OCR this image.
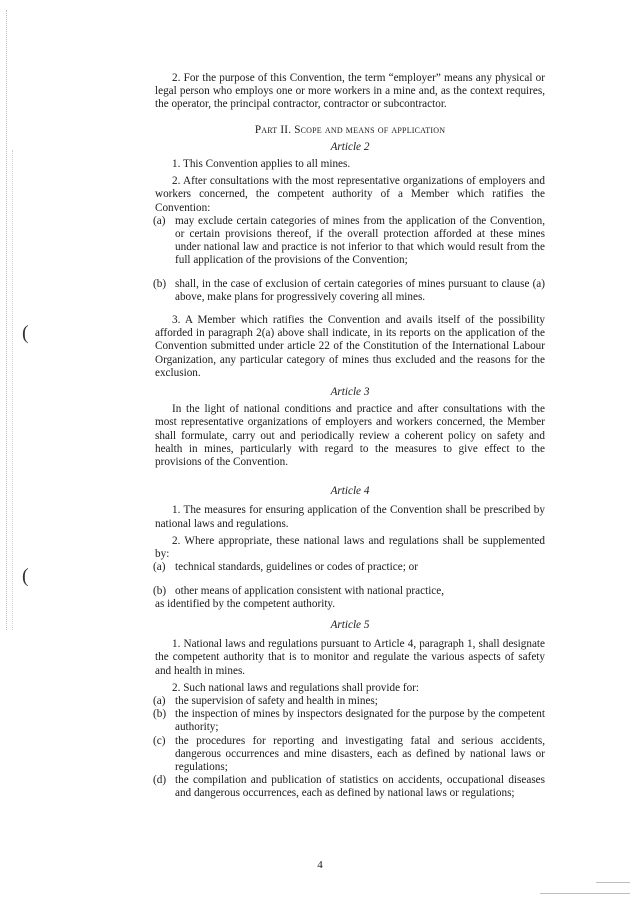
(
(

2. For the purpose of this Convention, the term “employer” means any physical or legal person who employs one or more workers in a mine and, as the context requires, the operator, the principal contractor, contractor or subcontractor.

Part II. Scope and means of application

Article 2

1. This Convention applies to all mines.

2. After consultations with the most representative organizations of employers and workers concerned, the competent authority of a Member which ratifies the Convention:

(a) may exclude certain categories of mines from the application of the Convention, or certain provisions thereof, if the overall protection afforded at these mines under national law and practice is not inferior to that which would result from the full application of the provisions of the Convention;
(b) shall, in the case of exclusion of certain categories of mines pursuant to clause (a) above, make plans for progressively covering all mines.

3. A Member which ratifies the Convention and avails itself of the possibility afforded in paragraph 2(a) above shall indicate, in its reports on the application of the Convention submitted under article 22 of the Constitution of the International Labour Organization, any particular category of mines thus excluded and the reasons for the exclusion.

Article 3

In the light of national conditions and practice and after consultations with the most representative organizations of employers and workers concerned, the Member shall formulate, carry out and periodically review a coherent policy on safety and health in mines, particularly with regard to the measures to give effect to the provisions of the Convention.

Article 4

1. The measures for ensuring application of the Convention shall be prescribed by national laws and regulations.

2. Where appropriate, these national laws and regulations shall be supplemented by:

(a) technical standards, guidelines or codes of practice; or
(b) other means of application consistent with national practice,

as identified by the competent authority.

Article 5

1. National laws and regulations pursuant to Article 4, paragraph 1, shall designate the competent authority that is to monitor and regulate the various aspects of safety and health in mines.

2. Such national laws and regulations shall provide for:

(a) the supervision of safety and health in mines;
(b) the inspection of mines by inspectors designated for the purpose by the competent authority;
(c) the procedures for reporting and investigating fatal and serious accidents, dangerous occurrences and mine disasters, each as defined by national laws or regulations;
(d) the compilation and publication of statistics on accidents, occupational diseases and dangerous occurrences, each as defined by national laws or regulations;
4
